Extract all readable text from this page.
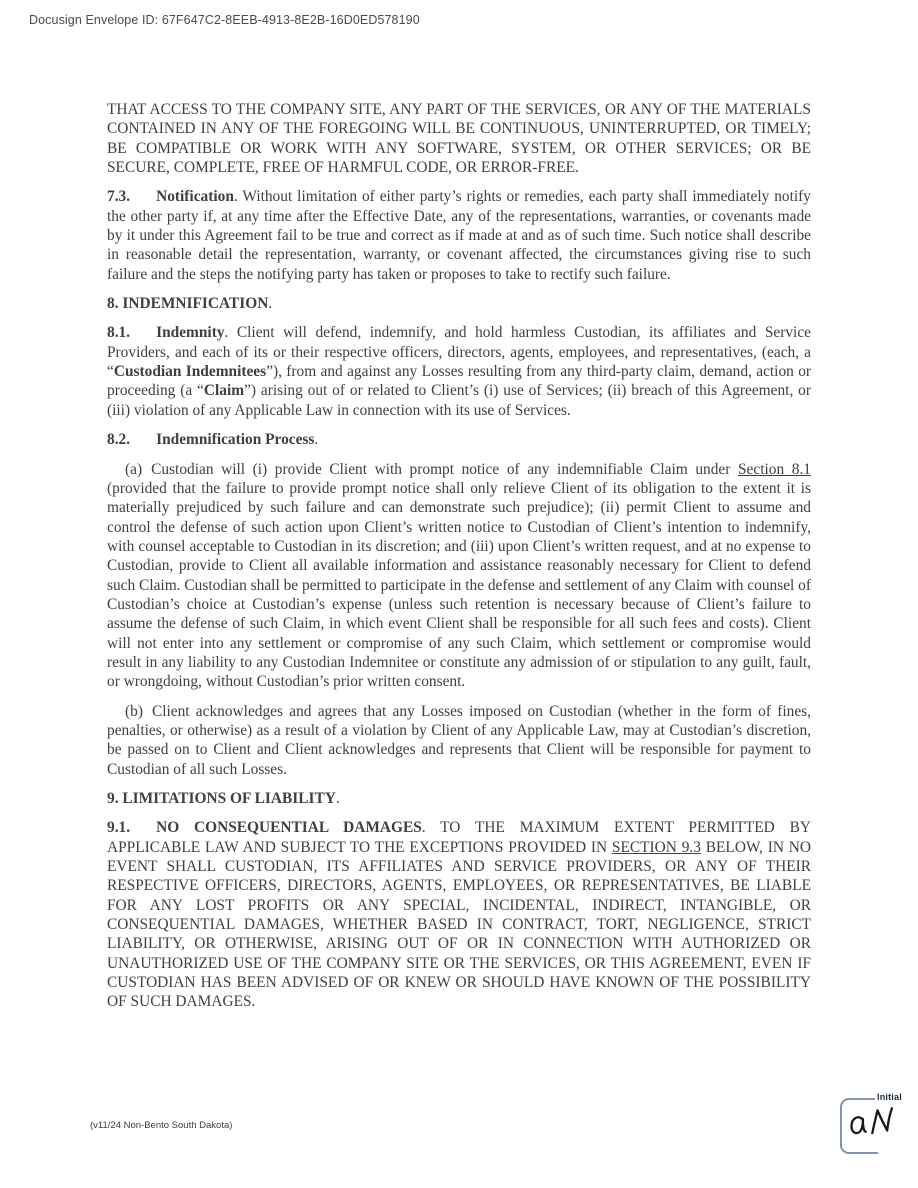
Docusign Envelope ID: 67F647C2-8EEB-4913-8E2B-16D0ED578190

THAT ACCESS TO THE COMPANY SITE, ANY PART OF THE SERVICES, OR ANY OF THE MATERIALS CONTAINED IN ANY OF THE FOREGOING WILL BE CONTINUOUS, UNINTERRUPTED, OR TIMELY; BE COMPATIBLE OR WORK WITH ANY SOFTWARE, SYSTEM, OR OTHER SERVICES; OR BE SECURE, COMPLETE, FREE OF HARMFUL CODE, OR ERROR-FREE.

7.3. Notification. Without limitation of either party’s rights or remedies, each party shall immediately notify the other party if, at any time after the Effective Date, any of the representations, warranties, or covenants made by it under this Agreement fail to be true and correct as if made at and as of such time. Such notice shall describe in reasonable detail the representation, warranty, or covenant affected, the circumstances giving rise to such failure and the steps the notifying party has taken or proposes to take to rectify such failure.

8. INDEMNIFICATION.

8.1. Indemnity. Client will defend, indemnify, and hold harmless Custodian, its affiliates and Service Providers, and each of its or their respective officers, directors, agents, employees, and representatives, (each, a “Custodian Indemnitees”), from and against any Losses resulting from any third-party claim, demand, action or proceeding (a “Claim”) arising out of or related to Client’s (i) use of Services; (ii) breach of this Agreement, or (iii) violation of any Applicable Law in connection with its use of Services.

8.2. Indemnification Process.

(a) Custodian will (i) provide Client with prompt notice of any indemnifiable Claim under Section 8.1 (provided that the failure to provide prompt notice shall only relieve Client of its obligation to the extent it is materially prejudiced by such failure and can demonstrate such prejudice); (ii) permit Client to assume and control the defense of such action upon Client’s written notice to Custodian of Client’s intention to indemnify, with counsel acceptable to Custodian in its discretion; and (iii) upon Client’s written request, and at no expense to Custodian, provide to Client all available information and assistance reasonably necessary for Client to defend such Claim. Custodian shall be permitted to participate in the defense and settlement of any Claim with counsel of Custodian’s choice at Custodian’s expense (unless such retention is necessary because of Client’s failure to assume the defense of such Claim, in which event Client shall be responsible for all such fees and costs). Client will not enter into any settlement or compromise of any such Claim, which settlement or compromise would result in any liability to any Custodian Indemnitee or constitute any admission of or stipulation to any guilt, fault, or wrongdoing, without Custodian’s prior written consent.

(b) Client acknowledges and agrees that any Losses imposed on Custodian (whether in the form of fines, penalties, or otherwise) as a result of a violation by Client of any Applicable Law, may at Custodian’s discretion, be passed on to Client and Client acknowledges and represents that Client will be responsible for payment to Custodian of all such Losses.

9. LIMITATIONS OF LIABILITY.

9.1. NO CONSEQUENTIAL DAMAGES. TO THE MAXIMUM EXTENT PERMITTED BY APPLICABLE LAW AND SUBJECT TO THE EXCEPTIONS PROVIDED IN SECTION 9.3 BELOW, IN NO EVENT SHALL CUSTODIAN, ITS AFFILIATES AND SERVICE PROVIDERS, OR ANY OF THEIR RESPECTIVE OFFICERS, DIRECTORS, AGENTS, EMPLOYEES, OR REPRESENTATIVES, BE LIABLE FOR ANY LOST PROFITS OR ANY SPECIAL, INCIDENTAL, INDIRECT, INTANGIBLE, OR CONSEQUENTIAL DAMAGES, WHETHER BASED IN CONTRACT, TORT, NEGLIGENCE, STRICT LIABILITY, OR OTHERWISE, ARISING OUT OF OR IN CONNECTION WITH AUTHORIZED OR UNAUTHORIZED USE OF THE COMPANY SITE OR THE SERVICES, OR THIS AGREEMENT, EVEN IF CUSTODIAN HAS BEEN ADVISED OF OR KNEW OR SHOULD HAVE KNOWN OF THE POSSIBILITY OF SUCH DAMAGES.

(v11/24 Non-Bento South Dakota)
Initial
